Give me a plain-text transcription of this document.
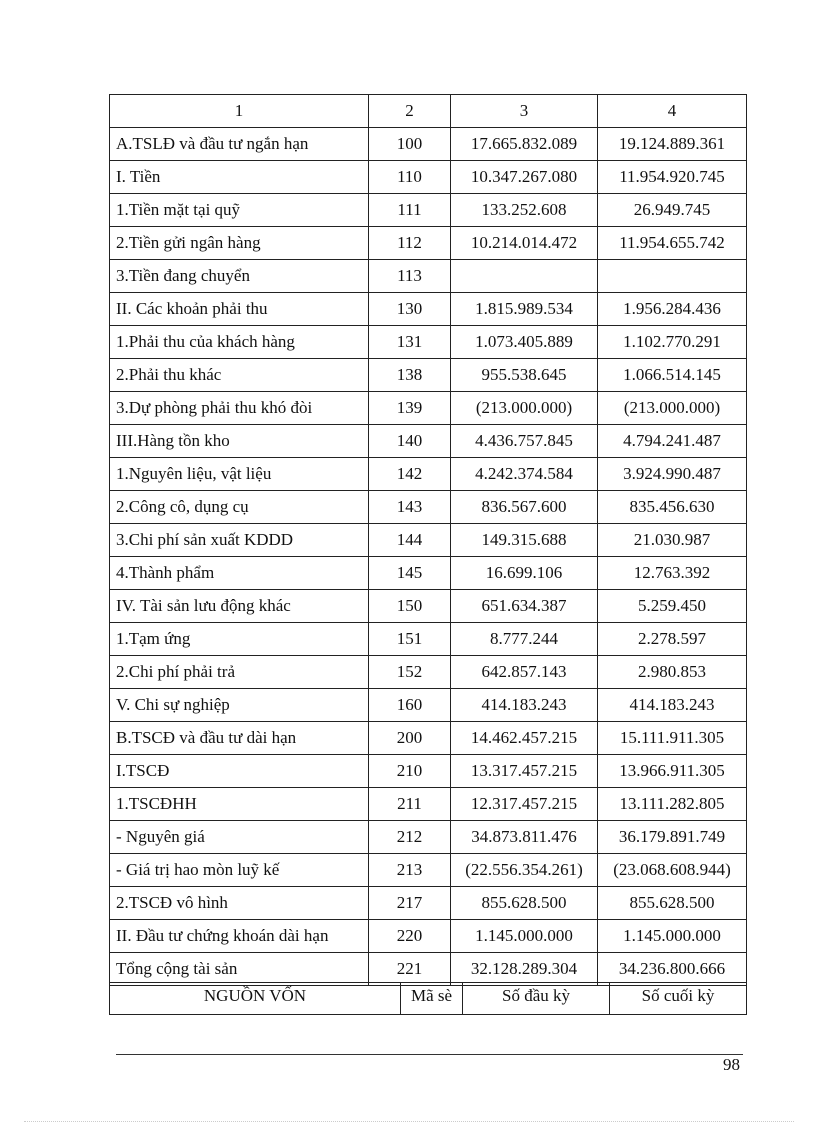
1	2	3	4
A.TSLĐ và đầu tư ngắn hạn	100	17.665.832.089	19.124.889.361
I. Tiền	110	10.347.267.080	11.954.920.745
1.Tiền mặt tại quỹ	111	133.252.608	26.949.745
2.Tiền gửi ngân hàng	112	10.214.014.472	11.954.655.742
3.Tiền đang chuyển	113		
II. Các khoản phải thu	130	1.815.989.534	1.956.284.436
1.Phải thu của khách hàng	131	1.073.405.889	1.102.770.291
2.Phải thu khác	138	955.538.645	1.066.514.145
3.Dự phòng phải thu khó đòi	139	(213.000.000)	(213.000.000)
III.Hàng tồn kho	140	4.436.757.845	4.794.241.487
1.Nguyên liệu, vật liệu	142	4.242.374.584	3.924.990.487
2.Công cô, dụng cụ	143	836.567.600	835.456.630
3.Chi phí sản xuất KDDD	144	149.315.688	21.030.987
4.Thành phẩm	145	16.699.106	12.763.392
IV. Tài sản lưu động khác	150	651.634.387	5.259.450
1.Tạm ứng	151	8.777.244	2.278.597
2.Chi phí phải trả	152	642.857.143	2.980.853
V. Chi sự nghiệp	160	414.183.243	414.183.243
B.TSCĐ và đầu tư dài hạn	200	14.462.457.215	15.111.911.305
I.TSCĐ	210	13.317.457.215	13.966.911.305
1.TSCĐHH	211	12.317.457.215	13.111.282.805
- Nguyên giá	212	34.873.811.476	36.179.891.749
- Giá trị hao mòn luỹ kế	213	(22.556.354.261)	(23.068.608.944)
2.TSCĐ vô hình	217	855.628.500	855.628.500
II. Đầu tư chứng khoán dài hạn	220	1.145.000.000	1.145.000.000
Tổng cộng tài sản	221	32.128.289.304	34.236.800.666
NGUỒN VỐN	Mã sè	Số đầu kỳ	Số cuối kỳ
98
